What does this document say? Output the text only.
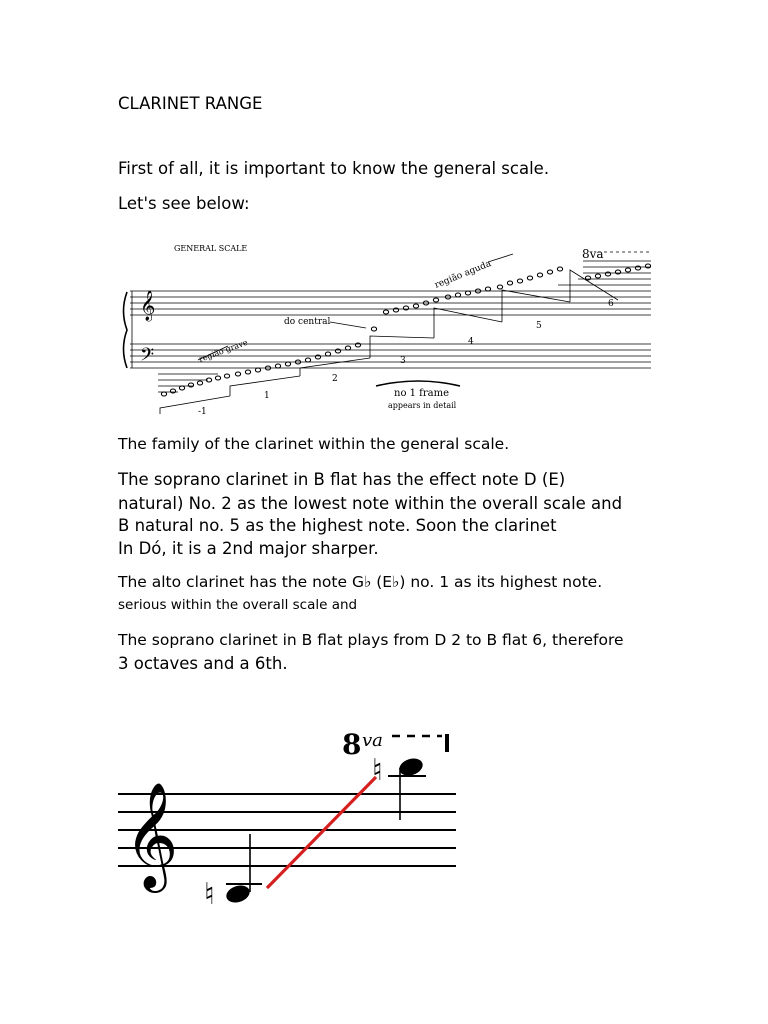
CLARINET RANGE
First of all, it is important to know the general scale.
Let's see below:
𝄞
𝄢
GENERAL SCALE	8va
região aguda
região grave
do central
-1
1
2
3
4
5
6
no 1 frame
appears in detail
The family of the clarinet within the general scale.
The soprano clarinet in B flat has the effect note D (E)
natural) No. 2 as the lowest note within the overall scale and
B natural no. 5 as the highest note. Soon the clarinet
In Dó, it is a 2nd major sharper.
The alto clarinet has the note G♭ (E♭) no. 1 as its highest note.
serious within the overall scale and
The soprano clarinet in B flat plays from D 2 to B flat 6, therefore
3 octaves and a 6th.
𝄞
♮
♮
8 va
